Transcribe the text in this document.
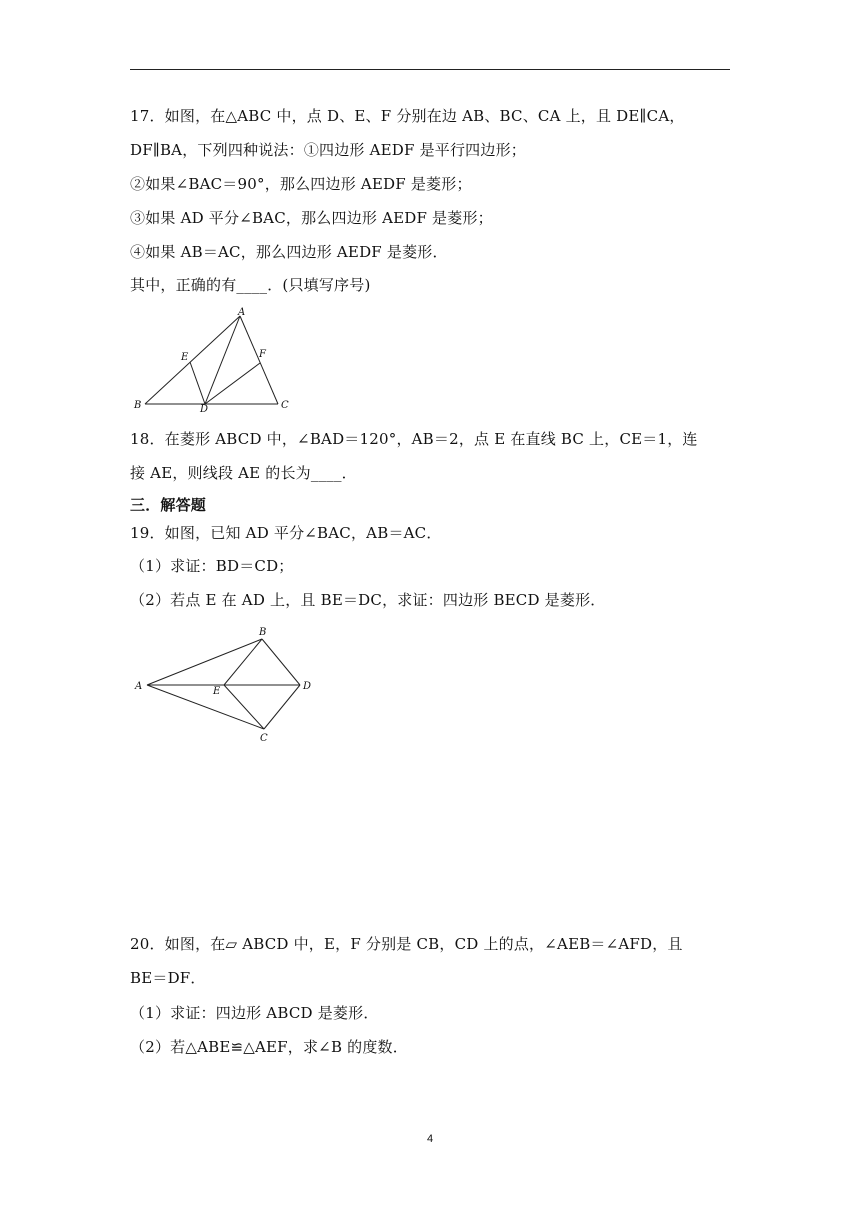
17．如图，在△ABC 中，点 D、E、F 分别在边 AB、BC、CA 上，且 DE∥CA，
DF∥BA，下列四种说法：①四边形 AEDF 是平行四边形；
②如果∠BAC＝90°，那么四边形 AEDF 是菱形；
③如果 AD 平分∠BAC，那么四边形 AEDF 是菱形；
④如果 AB＝AC，那么四边形 AEDF 是菱形．
其中，正确的有____．(只填写序号)
A
B	C
D
E	F
18．在菱形 ABCD 中，∠BAD＝120°，AB＝2，点 E 在直线 BC 上，CE＝1，连
接 AE，则线段 AE 的长为____．
三．解答题
19．如图，已知 AD 平分∠BAC，AB＝AC．
（1）求证：BD＝CD；
（2）若点 E 在 AD 上，且 BE＝DC，求证：四边形 BECD 是菱形．
A
B
C
D
E
20．如图，在▱ ABCD 中，E，F 分别是 CB，CD 上的点，∠AEB＝∠AFD，且
BE＝DF．
（1）求证：四边形 ABCD 是菱形．
（2）若△ABE≌△AEF，求∠B 的度数．
4
